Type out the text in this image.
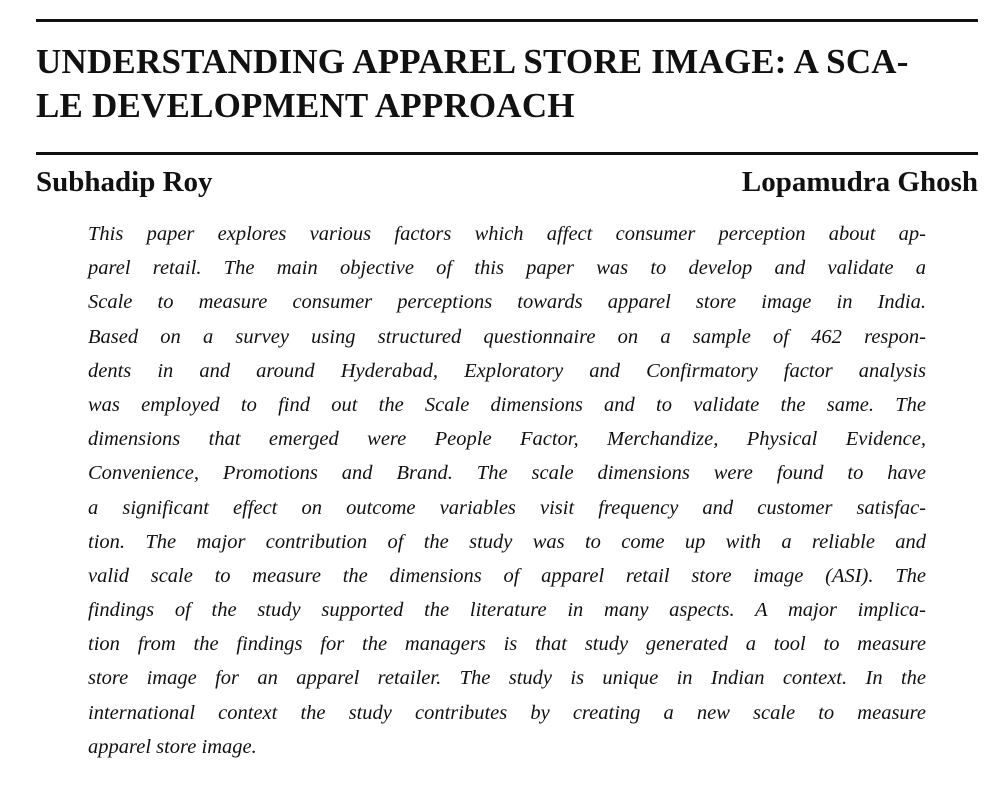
UNDERSTANDING APPAREL STORE IMAGE: A SCA-
LE DEVELOPMENT APPROACH
Subhadip Roy	Lopamudra Ghosh

This paper explores various factors which affect consumer perception about ap-
parel retail. The main objective of this paper was to develop and validate a
Scale to measure consumer perceptions towards apparel store image in India.
Based on a survey using structured questionnaire on a sample of 462 respon-
dents in and around Hyderabad, Exploratory and Confirmatory factor analysis
was employed to find out the Scale dimensions and to validate the same. The
dimensions that emerged were People Factor, Merchandize, Physical Evidence,
Convenience, Promotions and Brand. The scale dimensions were found to have
a significant effect on outcome variables visit frequency and customer satisfac-
tion. The major contribution of the study was to come up with a reliable and
valid scale to measure the dimensions of apparel retail store image (ASI). The
findings of the study supported the literature in many aspects. A major implica-
tion from the findings for the managers is that study generated a tool to measure
store image for an apparel retailer. The study is unique in Indian context. In the
international context the study contributes by creating a new scale to measure
apparel store image.
